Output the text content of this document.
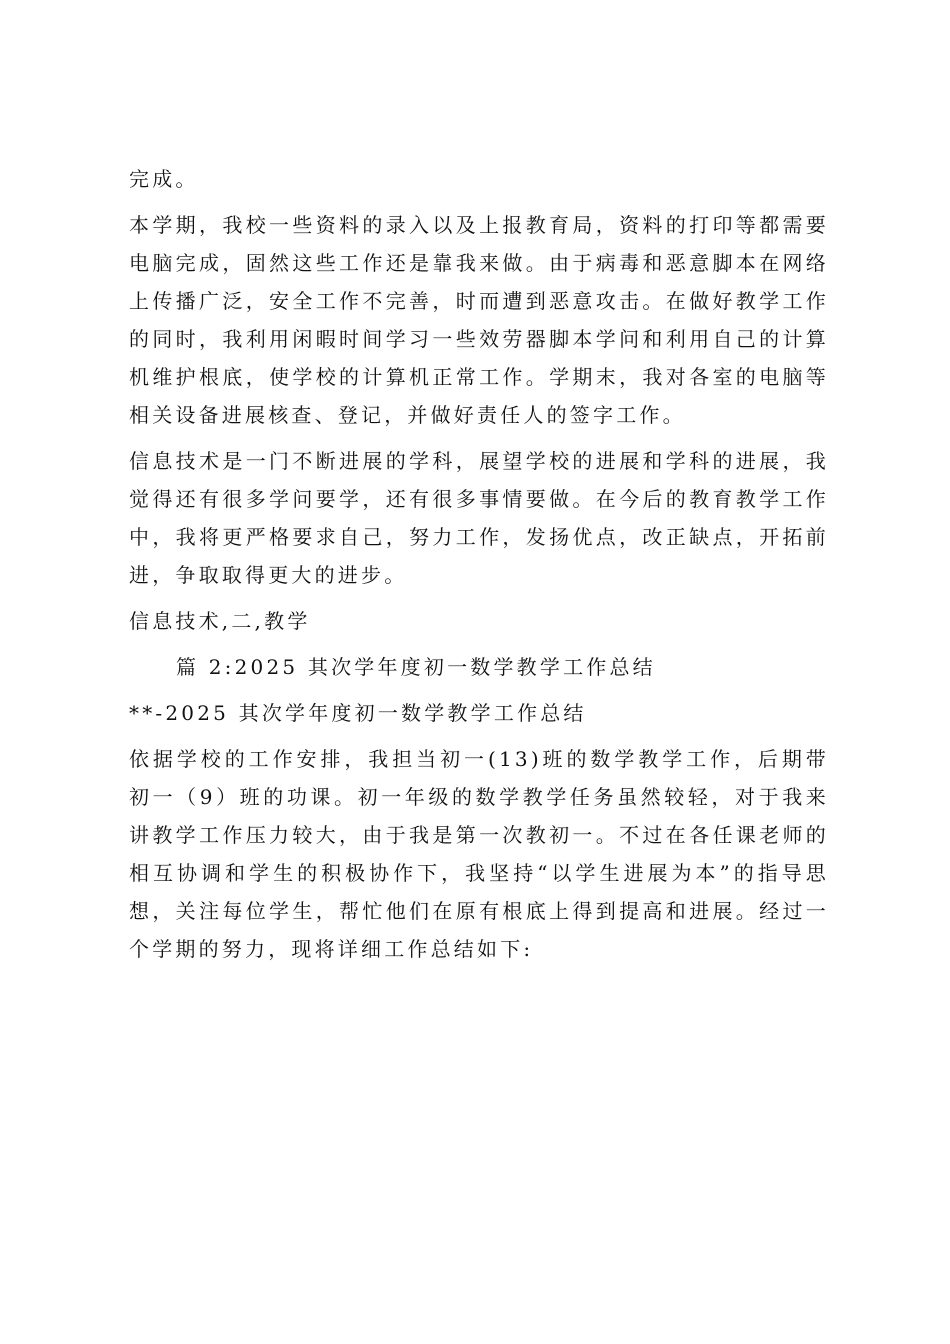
完成。

本学期，我校一些资料的录入以及上报教育局，资料的打印等都需要电脑完成，固然这些工作还是靠我来做。由于病毒和恶意脚本在网络上传播广泛，安全工作不完善，时而遭到恶意攻击。在做好教学工作的同时，我利用闲暇时间学习一些效劳器脚本学问和利用自己的计算机维护根底，使学校的计算机正常工作。学期末，我对各室的电脑等相关设备进展核查、登记，并做好责任人的签字工作。

信息技术是一门不断进展的学科，展望学校的进展和学科的进展，我觉得还有很多学问要学，还有很多事情要做。在今后的教育教学工作中，我将更严格要求自己，努力工作，发扬优点，改正缺点，开拓前进，争取取得更大的进步。

信息技术,二,教学

篇 2:2025 其次学年度初一数学教学工作总结

**-2025 其次学年度初一数学教学工作总结

依据学校的工作安排，我担当初一(13)班的数学教学工作，后期带初一（9）班的功课。初一年级的数学教学任务虽然较轻，对于我来讲教学工作压力较大，由于我是第一次教初一。不过在各任课老师的相互协调和学生的积极协作下，我坚持“以学生进展为本”的指导思想，关注每位学生，帮忙他们在原有根底上得到提高和进展。经过一个学期的努力，现将详细工作总结如下:
